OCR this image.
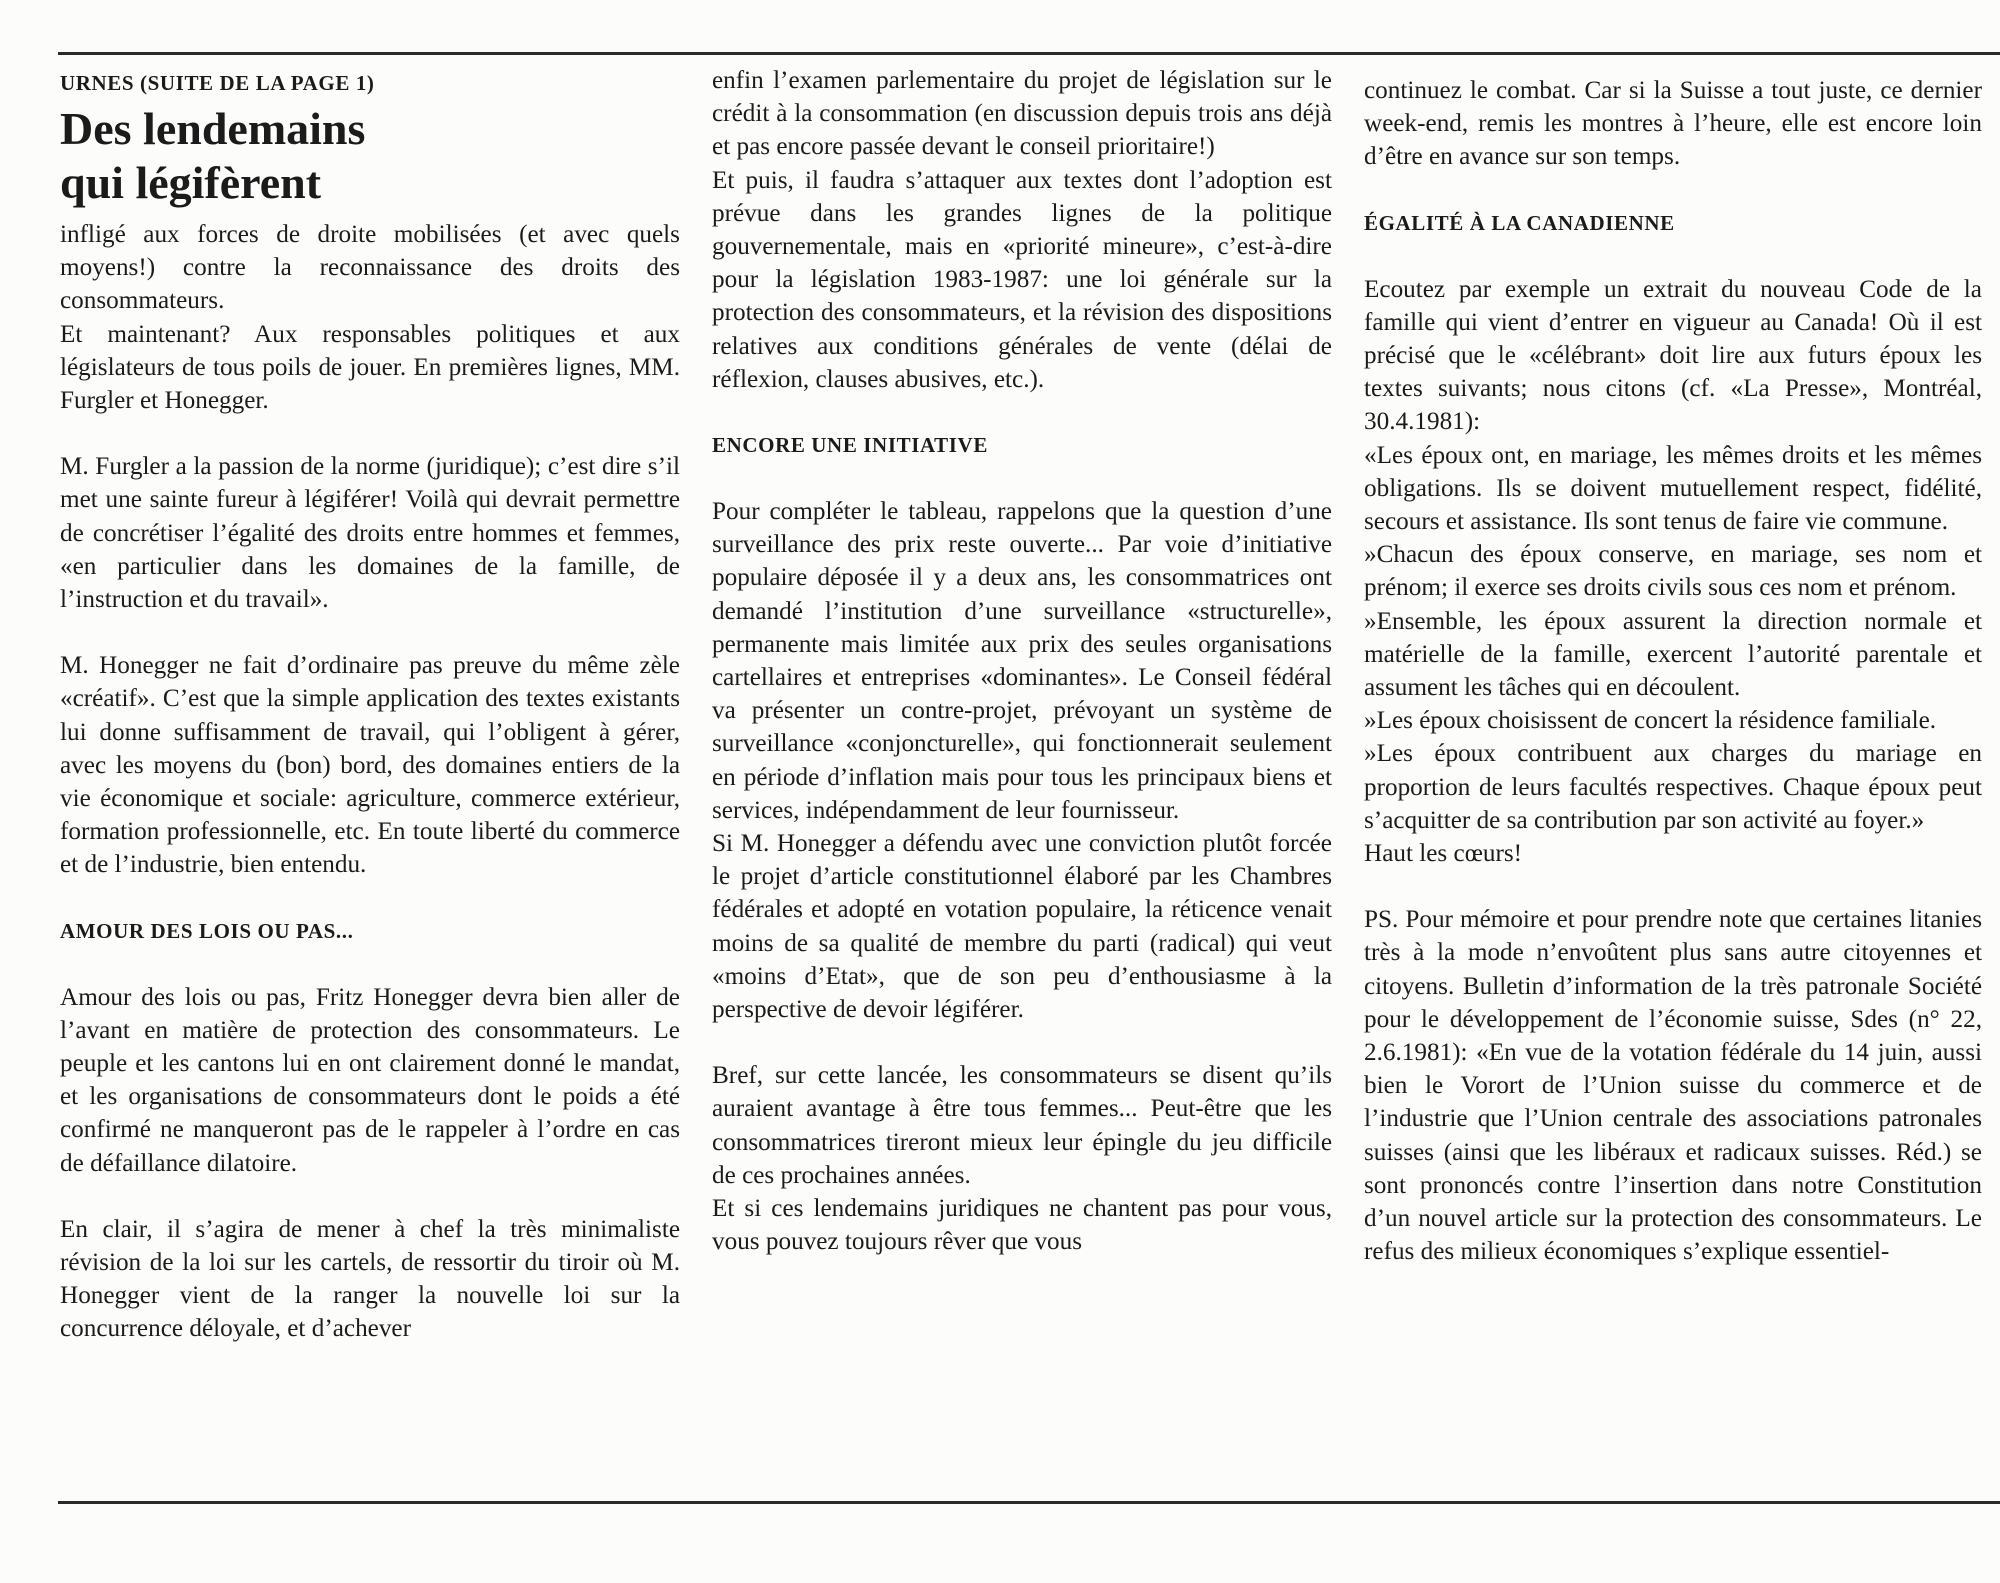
URNES (SUITE DE LA PAGE 1)

Des lendemains
qui légifèrent

infligé aux forces de droite mobilisées (et avec quels moyens!) contre la reconnaissance des droits des consommateurs.

Et maintenant? Aux responsables politiques et aux législateurs de tous poils de jouer. En premières lignes, MM. Furgler et Honegger.

M. Furgler a la passion de la norme (juridique); c’est dire s’il met une sainte fureur à légiférer! Voilà qui devrait permettre de concrétiser l’égalité des droits entre hommes et femmes, «en particulier dans les domaines de la famille, de l’instruction et du travail».

M. Honegger ne fait d’ordinaire pas preuve du même zèle «créatif». C’est que la simple application des textes existants lui donne suffisamment de travail, qui l’obligent à gérer, avec les moyens du (bon) bord, des domaines entiers de la vie économique et sociale: agriculture, commerce extérieur, formation professionnelle, etc. En toute liberté du commerce et de l’industrie, bien entendu.

AMOUR DES LOIS OU PAS...

Amour des lois ou pas, Fritz Honegger devra bien aller de l’avant en matière de protection des consommateurs. Le peuple et les cantons lui en ont clairement donné le mandat, et les organisations de consommateurs dont le poids a été confirmé ne manqueront pas de le rappeler à l’ordre en cas de défaillance dilatoire.

En clair, il s’agira de mener à chef la très minimaliste révision de la loi sur les cartels, de ressortir du tiroir où M. Honegger vient de la ranger la nouvelle loi sur la concurrence déloyale, et d’achever

enfin l’examen parlementaire du projet de législation sur le crédit à la consommation (en discussion depuis trois ans déjà et pas encore passée devant le conseil prioritaire!)

Et puis, il faudra s’attaquer aux textes dont l’adoption est prévue dans les grandes lignes de la politique gouvernementale, mais en «priorité mineure», c’est-à-dire pour la législation 1983-1987: une loi générale sur la protection des consommateurs, et la révision des dispositions relatives aux conditions générales de vente (délai de réflexion, clauses abusives, etc.).

ENCORE UNE INITIATIVE

Pour compléter le tableau, rappelons que la question d’une surveillance des prix reste ouverte... Par voie d’initiative populaire déposée il y a deux ans, les consommatrices ont demandé l’institution d’une surveillance «structurelle», permanente mais limitée aux prix des seules organisations cartellaires et entreprises «dominantes». Le Conseil fédéral va présenter un contre-projet, prévoyant un système de surveillance «conjoncturelle», qui fonctionnerait seulement en période d’inflation mais pour tous les principaux biens et services, indépendamment de leur fournisseur.

Si M. Honegger a défendu avec une conviction plutôt forcée le projet d’article constitutionnel élaboré par les Chambres fédérales et adopté en votation populaire, la réticence venait moins de sa qualité de membre du parti (radical) qui veut «moins d’Etat», que de son peu d’enthousiasme à la perspective de devoir légiférer.

Bref, sur cette lancée, les consommateurs se disent qu’ils auraient avantage à être tous femmes... Peut-être que les consommatrices tireront mieux leur épingle du jeu difficile de ces prochaines années.

Et si ces lendemains juridiques ne chantent pas pour vous, vous pouvez toujours rêver que vous

continuez le combat. Car si la Suisse a tout juste, ce dernier week-end, remis les montres à l’heure, elle est encore loin d’être en avance sur son temps.

ÉGALITÉ À LA CANADIENNE

Ecoutez par exemple un extrait du nouveau Code de la famille qui vient d’entrer en vigueur au Canada! Où il est précisé que le «célébrant» doit lire aux futurs époux les textes suivants; nous citons (cf. «La Presse», Montréal, 30.4.1981):

«Les époux ont, en mariage, les mêmes droits et les mêmes obligations. Ils se doivent mutuellement respect, fidélité, secours et assistance. Ils sont tenus de faire vie commune.

»Chacun des époux conserve, en mariage, ses nom et prénom; il exerce ses droits civils sous ces nom et prénom.

»Ensemble, les époux assurent la direction normale et matérielle de la famille, exercent l’autorité parentale et assument les tâches qui en découlent.

»Les époux choisissent de concert la résidence familiale.

»Les époux contribuent aux charges du mariage en proportion de leurs facultés respectives. Chaque époux peut s’acquitter de sa contribution par son activité au foyer.»

Haut les cœurs!

PS. Pour mémoire et pour prendre note que certaines litanies très à la mode n’envoûtent plus sans autre citoyennes et citoyens. Bulletin d’information de la très patronale Société pour le développement de l’économie suisse, Sdes (n° 22, 2.6.1981): «En vue de la votation fédérale du 14 juin, aussi bien le Vorort de l’Union suisse du commerce et de l’industrie que l’Union centrale des associations patronales suisses (ainsi que les libéraux et radicaux suisses. Réd.) se sont prononcés contre l’insertion dans notre Constitution d’un nouvel article sur la protection des consommateurs. Le refus des milieux économiques s’explique essentiel-
